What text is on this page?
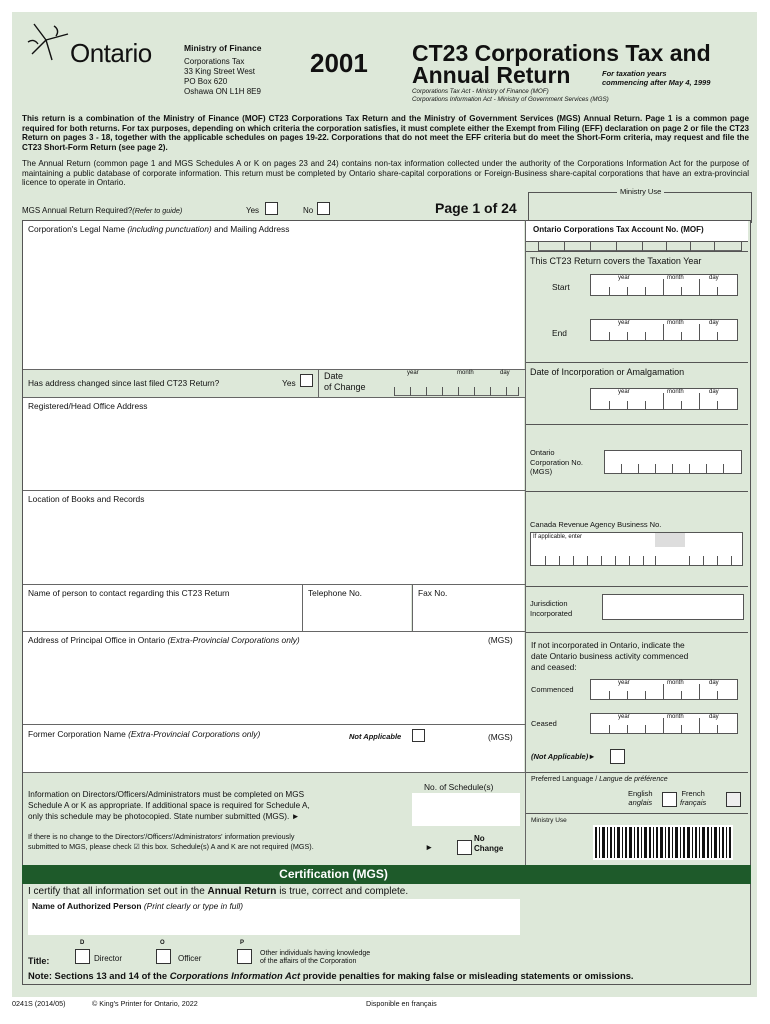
Ontario	Ministry of Finance
Corporations Tax
33 King Street West
PO Box 620
Oshawa ON L1H 8E9
2001 CT23 Corporations Tax and
Annual Return	For taxation years
commencing after May 4, 1999
Corporations Tax Act - Ministry of Finance (MOF)
Corporations Information Act - Ministry of Government Services (MGS)
This return is a combination of the Ministry of Finance (MOF) CT23 Corporations Tax Return and the Ministry of Government Services (MGS) Annual Return. Page 1 is a common page required for both returns. For tax purposes, depending on which criteria the corporation satisfies, it must complete either the Exempt from Filing (EFF) declaration on page 2 or file the CT23 Return on pages 3 - 18, together with the applicable schedules on pages 19-22. Corporations that do not meet the EFF criteria but do meet the Short-Form criteria, may request and file the CT23 Short-Form Return (see page 2).
The Annual Return (common page 1 and MGS Schedules A or K on pages 23 and 24) contains non-tax information collected under the authority of the Corporations Information Act for the purpose of maintaining a public database of corporate information. This return must be completed by Ontario share-capital corporations or Foreign-Business share-capital corporations that have an extra-provincial licence to operate in Ontario.
Ministry Use
MGS Annual Return Required?(Refer to guide)	Yes	No	Page 1 of 24
Corporation's Legal Name (including punctuation) and Mailing Address
Has address changed since last filed CT23 Return?	Yes
Date
of Change
year	month	day
Registered/Head Office Address
Location of Books and Records
Name of person to contact regarding this CT23 Return	Telephone No.	Fax No.
Address of Principal Office in Ontario (Extra-Provincial Corporations only)	(MGS)
Former Corporation Name (Extra-Provincial Corporations only)	Not Applicable	(MGS)
Information on Directors/Officers/Administrators must be completed on MGS
Schedule A or K as appropriate. If additional space is required for Schedule A,
only this schedule may be photocopied. State number submitted (MGS). ►
No. of Schedule(s)
If there is no change to the Directors'/Officers'/Administrators' information previously
submitted to MGS, please check ☑ this box. Schedule(s) A and K are not required (MGS).	►
No
Change
Ontario Corporations Tax Account No. (MOF)
This CT23 Return covers the Taxation Year
Start
year	month	day
End
year	month	day
Date of Incorporation or Amalgamation
year	month	day
Ontario
Corporation No.
(MGS)
Canada Revenue Agency Business No.
If applicable, enter
Jurisdiction
Incorporated
If not incorporated in Ontario, indicate the
date Ontario business activity commenced
and ceased:
Commenced
year	month	day
Ceased
year	month	day
(Not Applicable)►
Preferred Language / Langue de préférence
English
anglais
French
français
Ministry Use
Certification (MGS)
I certify that all information set out in the Annual Return is true, correct and complete.
Name of Authorized Person (Print clearly or type in full)
D	O	P
Title:	Director	Officer
Other individuals having knowledge
of the affairs of the Corporation
Note: Sections 13 and 14 of the Corporations Information Act provide penalties for making false or misleading statements or omissions.
0241S (2014/05)	© King's Printer for Ontario, 2022	Disponible en français
